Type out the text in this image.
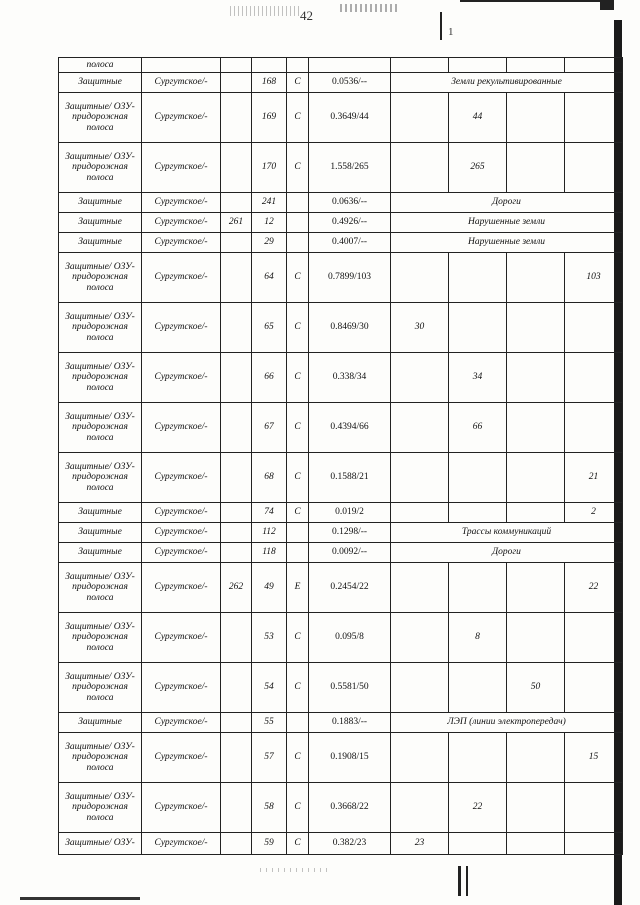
42
1
полоса									
Защитные	Сургутское/-		168	С	0.0536/--	Земли рекультивированные			
Защитные/ ОЗУ-придорожная полоса	Сургутское/-		169	С	0.3649/44		44		
Защитные/ ОЗУ-придорожная полоса	Сургутское/-		170	С	1.558/265		265		
Защитные	Сургутское/-		241		0.0636/--	Дороги			
Защитные	Сургутское/-	261	12		0.4926/--	Нарушенные земли			
Защитные	Сургутское/-		29		0.4007/--	Нарушенные земли			
Защитные/ ОЗУ-придорожная полоса	Сургутское/-		64	С	0.7899/103				103
Защитные/ ОЗУ-придорожная полоса	Сургутское/-		65	С	0.8469/30	30			
Защитные/ ОЗУ-придорожная полоса	Сургутское/-		66	С	0.338/34		34		
Защитные/ ОЗУ-придорожная полоса	Сургутское/-		67	С	0.4394/66		66		
Защитные/ ОЗУ-придорожная полоса	Сургутское/-		68	С	0.1588/21				21
Защитные	Сургутское/-		74	С	0.019/2				2
Защитные	Сургутское/-		112		0.1298/--	Трассы коммуникаций			
Защитные	Сургутское/-		118		0.0092/--	Дороги			
Защитные/ ОЗУ-придорожная полоса	Сургутское/-	262	49	Е	0.2454/22				22
Защитные/ ОЗУ-придорожная полоса	Сургутское/-		53	С	0.095/8		8		
Защитные/ ОЗУ-придорожная полоса	Сургутское/-		54	С	0.5581/50			50	
Защитные	Сургутское/-		55		0.1883/--	ЛЭП (линии электропередач)			
Защитные/ ОЗУ-придорожная полоса	Сургутское/-		57	С	0.1908/15				15
Защитные/ ОЗУ-придорожная полоса	Сургутское/-		58	С	0.3668/22		22		
Защитные/ ОЗУ-	Сургутское/-		59	С	0.382/23	23			
